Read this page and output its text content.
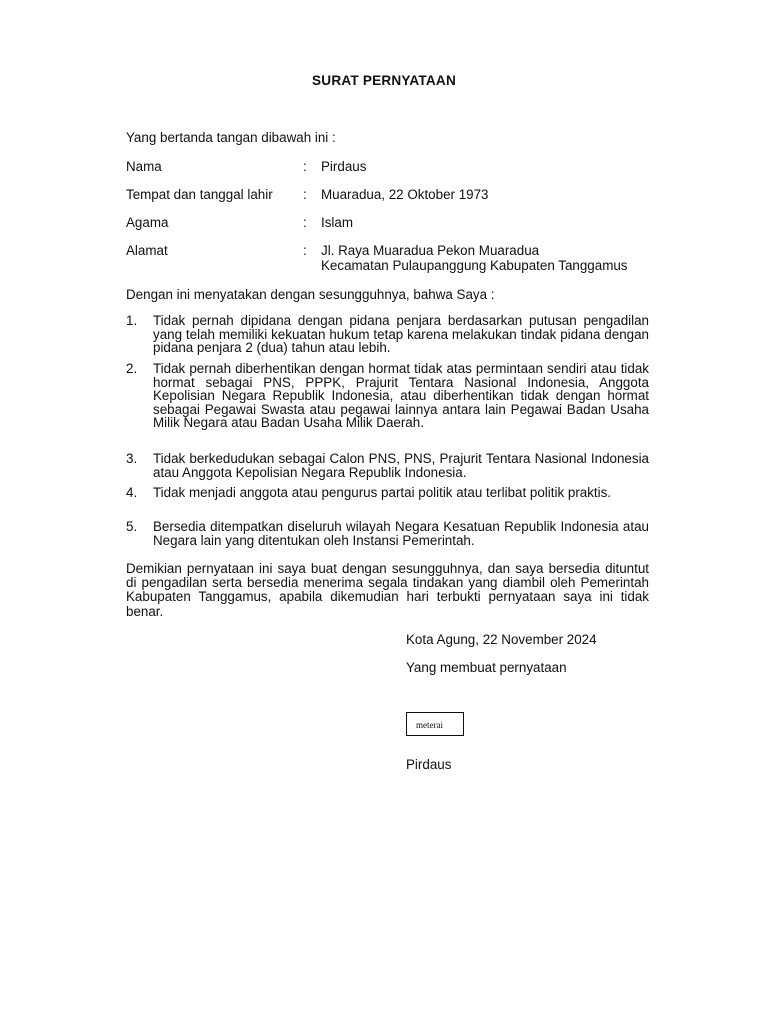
SURAT PERNYATAAN
Yang bertanda tangan dibawah ini :
Nama	: Pirdaus
Tempat dan tanggal lahir : Muaradua, 22 Oktober 1973
Agama	: Islam
Alamat	: Jl. Raya Muaradua Pekon Muaradua
Kecamatan Pulaupanggung Kabupaten Tanggamus
Dengan ini menyatakan dengan sesungguhnya, bahwa Saya :
1. Tidak pernah dipidana dengan pidana penjara berdasarkan putusan pengadilan yang telah memiliki kekuatan hukum tetap karena melakukan tindak pidana dengan pidana penjara 2 (dua) tahun atau lebih.
2. Tidak pernah diberhentikan dengan hormat tidak atas permintaan sendiri atau tidak hormat sebagai PNS, PPPK, Prajurit Tentara Nasional Indonesia, Anggota Kepolisian Negara Republik Indonesia, atau diberhentikan tidak dengan hormat sebagai Pegawai Swasta atau pegawai lainnya antara lain Pegawai Badan Usaha Milik Negara atau Badan Usaha Milik Daerah.
3. Tidak berkedudukan sebagai Calon PNS, PNS, Prajurit Tentara Nasional Indonesia atau Anggota Kepolisian Negara Republik Indonesia.
4. Tidak menjadi anggota atau pengurus partai politik atau terlibat politik praktis.
5. Bersedia ditempatkan diseluruh wilayah Negara Kesatuan Republik Indonesia atau Negara lain yang ditentukan oleh Instansi Pemerintah.
Demikian pernyataan ini saya buat dengan sesungguhnya, dan saya bersedia dituntut di pengadilan serta bersedia menerima segala tindakan yang diambil oleh Pemerintah Kabupaten Tanggamus, apabila dikemudian hari terbukti pernyataan saya ini tidak benar.
Kota Agung, 22 November 2024
Yang membuat pernyataan
meterai
Pirdaus
